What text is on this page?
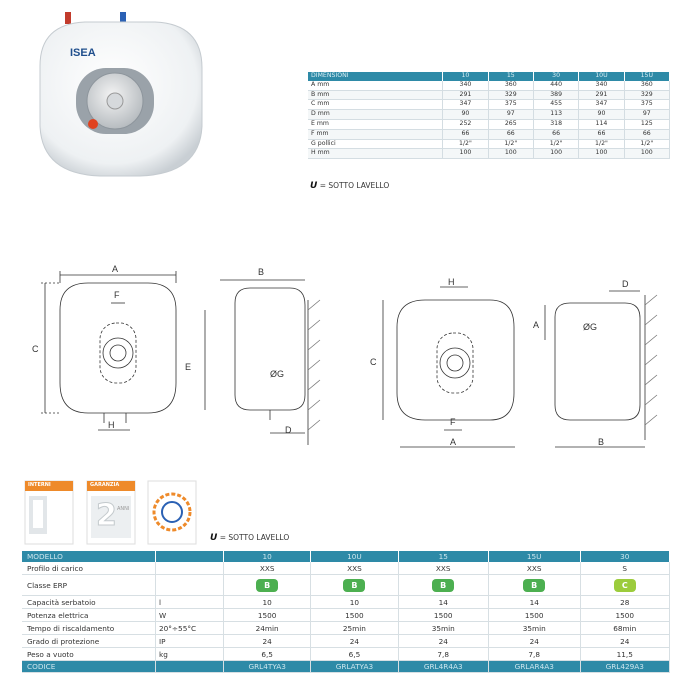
ISEA
DIMENSIONI	10	15	30	10U	15U
A mm	340	360	440	340	360
B mm	291	329	389	291	329
C mm	347	375	455	347	375
D mm	90	97	113	90	97
E mm	252	265	318	114	125
F mm	66	66	66	66	66
G pollici	1/2"	1/2"	1/2"	1/2"	1/2"
H mm	100	100	100	100	100
U = SOTTO LAVELLO
A
C
F
H
B
E
D
ØG
H
C
F
A
A
D
ØG
B
INTERNI	GARANZIA
2 ANNI
U = SOTTO LAVELLO
MODELLO		10	10U	15	15U	30
Profilo di carico		XXS	XXS	XXS	XXS	S
Classe ERP		B	B	B	B	C
Capacità serbatoio	l	10	10	14	14	28
Potenza elettrica	W	1500	1500	1500	1500	1500
Tempo di riscaldamento	20°÷55°C	24min	25min	35min	35min	68min
Grado di protezione	IP	24	24	24	24	24
Peso a vuoto	kg	6,5	6,5	7,8	7,8	11,5
CODICE		GRL4TYA3	GRLATYA3	GRL4R4A3	GRLAR4A3	GRL429A3
